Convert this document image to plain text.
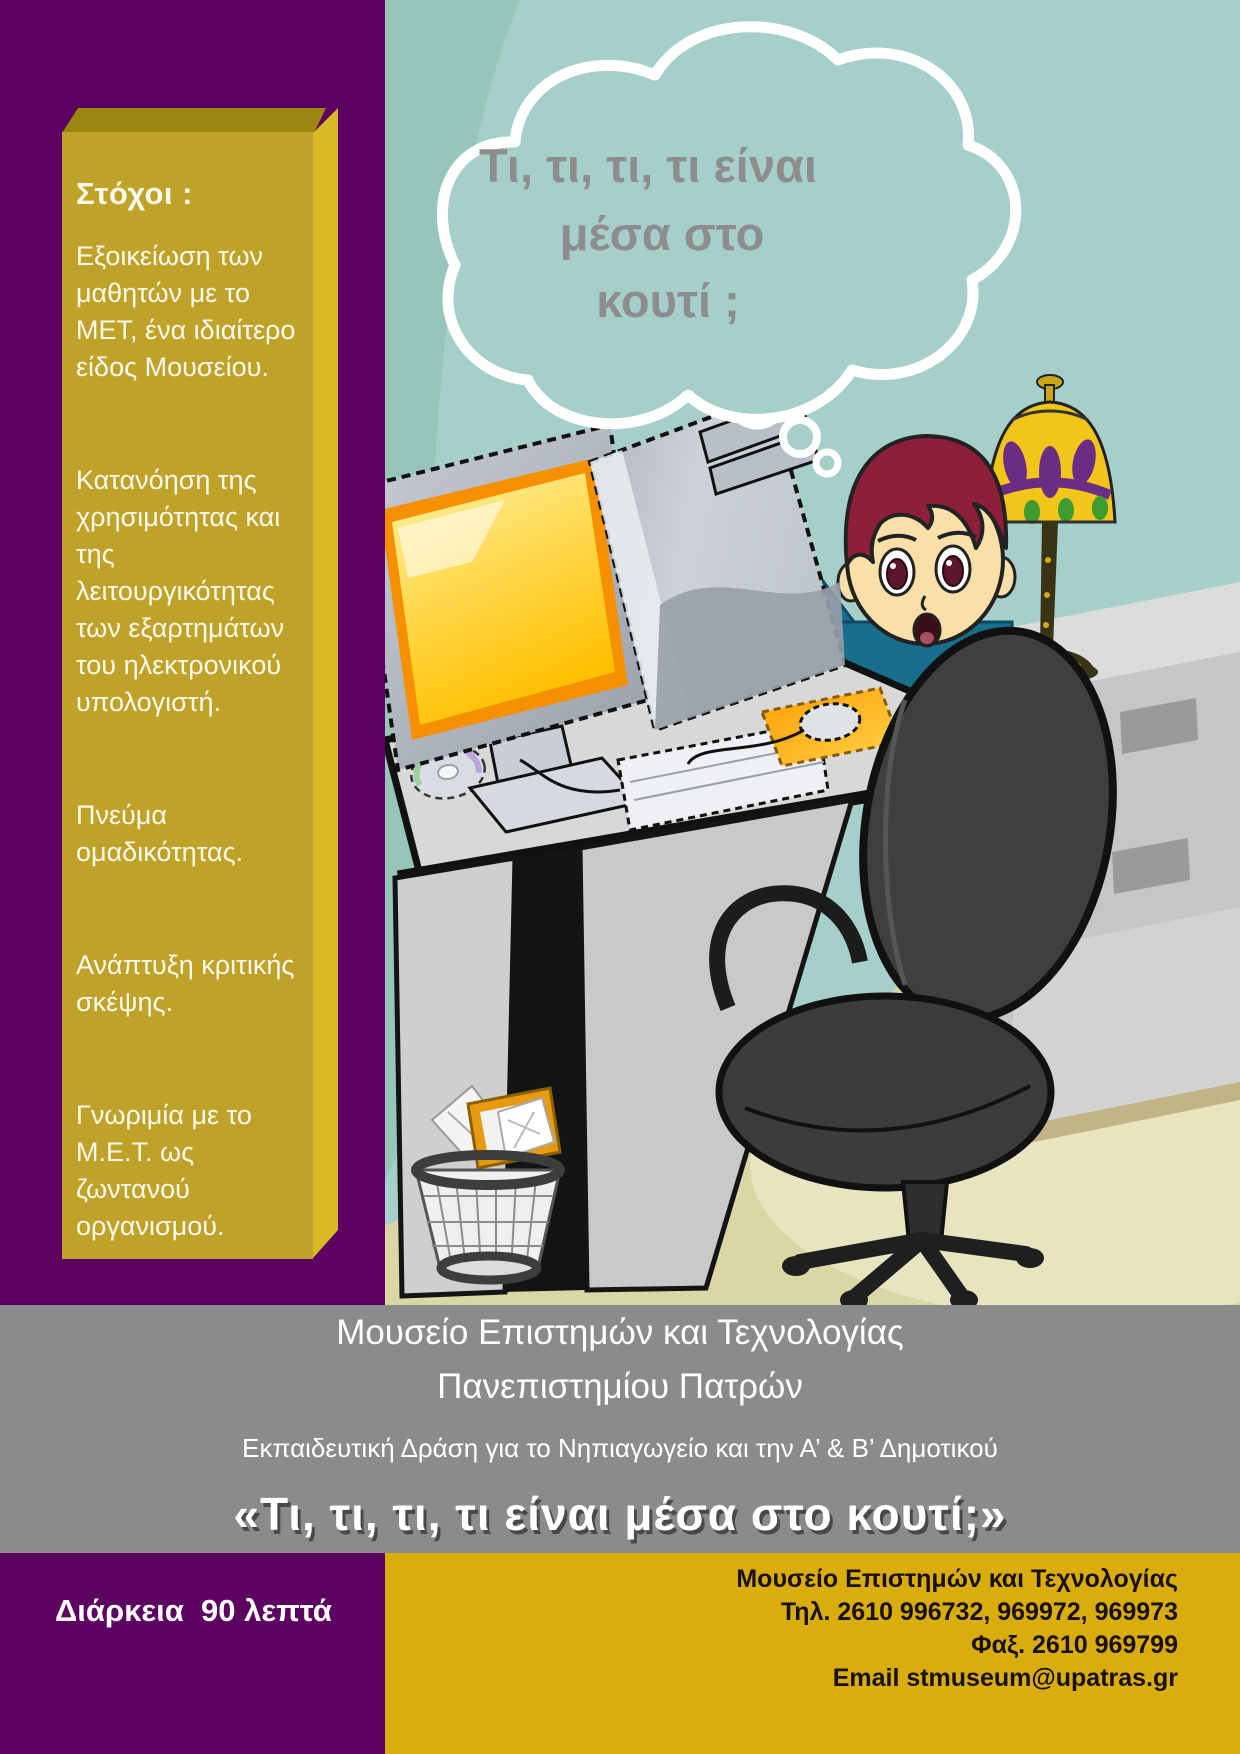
Στόχοι :
Εξοικείωση των μαθητών με το ΜΕΤ, ένα ιδιαίτερο είδος Μουσείου.
Κατανόηση της χρησιμότητας και της λειτουργικότητας των εξαρτημάτων του ηλεκτρονικού υπολογιστή.
Πνεύμα ομαδικότητας.
Ανάπτυξη κριτικής σκέψης.
Γνωριμία με το Μ.Ε.Τ. ως ζωντανού οργανισμού.
Τι, τι, τι, τι είναι
μέσα στο
κουτί ;
Μουσείο Επιστημών και Τεχνολογίας
Πανεπιστημίου Πατρών
Εκπαιδευτική Δράση για το Νηπιαγωγείο και την Α’ & Β’ Δημοτικού
«Τι, τι, τι, τι είναι μέσα στο κουτί;»
Διάρκεια  90 λεπτά
Μουσείο Επιστημών και Τεχνολογίας
Τηλ. 2610 996732, 969972, 969973
Φαξ. 2610 969799
Email stmuseum@upatras.gr
